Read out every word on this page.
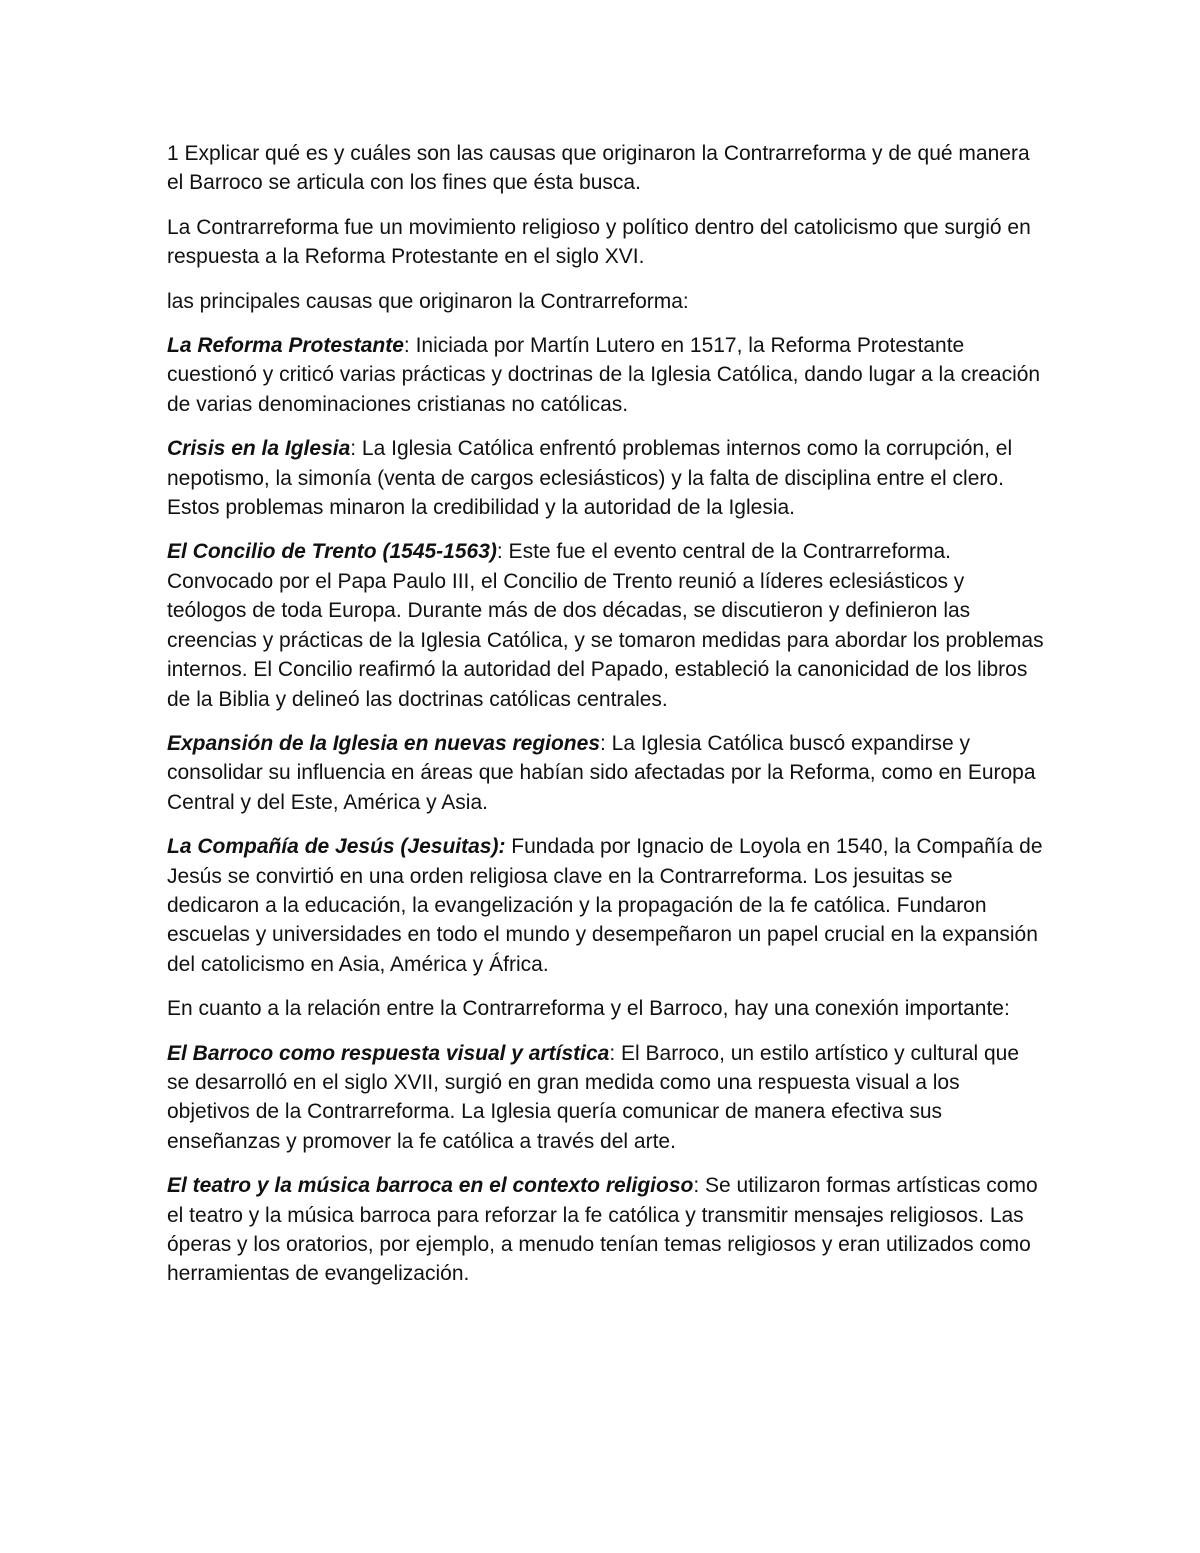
1 Explicar qué es y cuáles son las causas que originaron la Contrarreforma y de qué manera el Barroco se articula con los fines que ésta busca.

La Contrarreforma fue un movimiento religioso y político dentro del catolicismo que surgió en respuesta a la Reforma Protestante en el siglo XVI.

las principales causas que originaron la Contrarreforma:

La Reforma Protestante: Iniciada por Martín Lutero en 1517, la Reforma Protestante cuestionó y criticó varias prácticas y doctrinas de la Iglesia Católica, dando lugar a la creación de varias denominaciones cristianas no católicas.

Crisis en la Iglesia: La Iglesia Católica enfrentó problemas internos como la corrupción, el nepotismo, la simonía (venta de cargos eclesiásticos) y la falta de disciplina entre el clero. Estos problemas minaron la credibilidad y la autoridad de la Iglesia.

El Concilio de Trento (1545-1563): Este fue el evento central de la Contrarreforma. Convocado por el Papa Paulo III, el Concilio de Trento reunió a líderes eclesiásticos y teólogos de toda Europa. Durante más de dos décadas, se discutieron y definieron las creencias y prácticas de la Iglesia Católica, y se tomaron medidas para abordar los problemas internos. El Concilio reafirmó la autoridad del Papado, estableció la canonicidad de los libros de la Biblia y delineó las doctrinas católicas centrales.

Expansión de la Iglesia en nuevas regiones: La Iglesia Católica buscó expandirse y consolidar su influencia en áreas que habían sido afectadas por la Reforma, como en Europa Central y del Este, América y Asia.

La Compañía de Jesús (Jesuitas): Fundada por Ignacio de Loyola en 1540, la Compañía de Jesús se convirtió en una orden religiosa clave en la Contrarreforma. Los jesuitas se dedicaron a la educación, la evangelización y la propagación de la fe católica. Fundaron escuelas y universidades en todo el mundo y desempeñaron un papel crucial en la expansión del catolicismo en Asia, América y África.

En cuanto a la relación entre la Contrarreforma y el Barroco, hay una conexión importante:

El Barroco como respuesta visual y artística: El Barroco, un estilo artístico y cultural que se desarrolló en el siglo XVII, surgió en gran medida como una respuesta visual a los objetivos de la Contrarreforma. La Iglesia quería comunicar de manera efectiva sus enseñanzas y promover la fe católica a través del arte.

El teatro y la música barroca en el contexto religioso: Se utilizaron formas artísticas como el teatro y la música barroca para reforzar la fe católica y transmitir mensajes religiosos. Las óperas y los oratorios, por ejemplo, a menudo tenían temas religiosos y eran utilizados como herramientas de evangelización.
